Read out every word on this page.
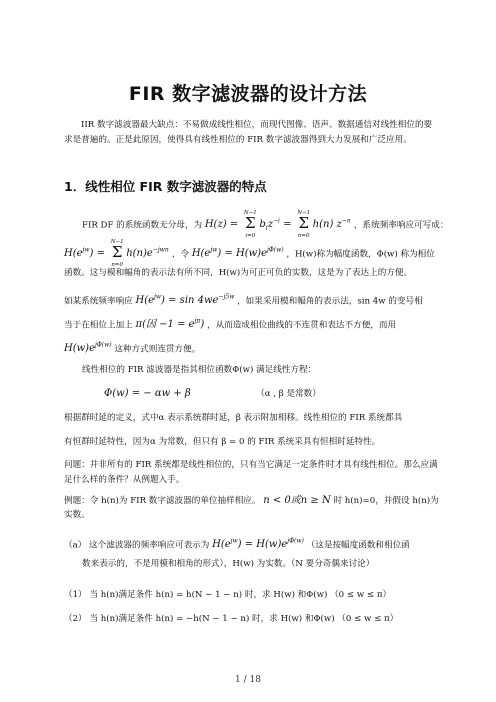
FIR 数字滤波器的设计方法
IIR 数字滤波器最大缺点：不易做成线性相位，而现代图像、语声、数据通信对线性相位的要求是普遍的。正是此原因，使得具有线性相位的 FIR 数字滤波器得到大力发展和广泛应用。
1．线性相位 FIR 数字滤波器的特点
FIR DF 的系统函数无分母，为 H(z) =
N−1
Σ
i=0
$b_iz^{-i}$ =
N−1
Σ
n=0
h(n) $z^{-n}$ ，系统频率响应可写成：
$H(e^{jw})$ =
N−1
Σ
n=0
$h(n)e^{-jwn}$ ，令 $H(e^{jw}) = H(w)e^{j\Phi(w)}$ ，H(w)称为幅度函数，Φ(w) 称为相位
函数。这与模和幅角的表示法有所不同，H(w)为可正可负的实数，这是为了表达上的方便。
如某系统频率响应 $H(e^{jw}) = \sin 4we^{-j5w}$ ，如果采用模和幅角的表示法，sin 4w 的变号相
当于在相位上加上 π(因 $-1 = e^{j\pi}$) ，从而造成相位曲线的不连贯和表达不方便，而用
$H(w)e^{j\Phi(w)}$ 这种方式则连贯方便。
线性相位的 FIR 滤波器是指其相位函数Φ(w) 满足线性方程：
Φ(w) = − αw + β	（α , β 是常数）
根据群时延的定义，式中α 表示系统群时延，β 表示附加相移。线性相位的 FIR 系统都具
有恒群时延特性，因为α 为常数，但只有 β = 0 的 FIR 系统采具有恒相时延特性。
问题：并非所有的 FIR 系统都是线性相位的，只有当它满足一定条件时才具有线性相位。那么应满足什么样的条件？从例题入手。
例题：令 h(n)为 FIR 数字滤波器的单位抽样相应。 n < 0或n ≥ N 时 h(n)=0，并假设 h(n)为
实数。
（a） 这个滤波器的频率响应可表示为 $H(e^{jw}) = H(w)e^{j\Phi(w)}$ （这是按幅度函数和相位函
数来表示的，不是用模和相角的形式），H(w) 为实数。（N 要分奇偶来讨论）
（1） 当 h(n)满足条件 h(n) = h(N − 1 − n) 时，求 H(w) 和Φ(w) （0 ≤ w ≤ π）
（2） 当 h(n)满足条件 h(n) = −h(N − 1 − n) 时，求 H(w) 和Φ(w) （0 ≤ w ≤ π）
1 / 18
